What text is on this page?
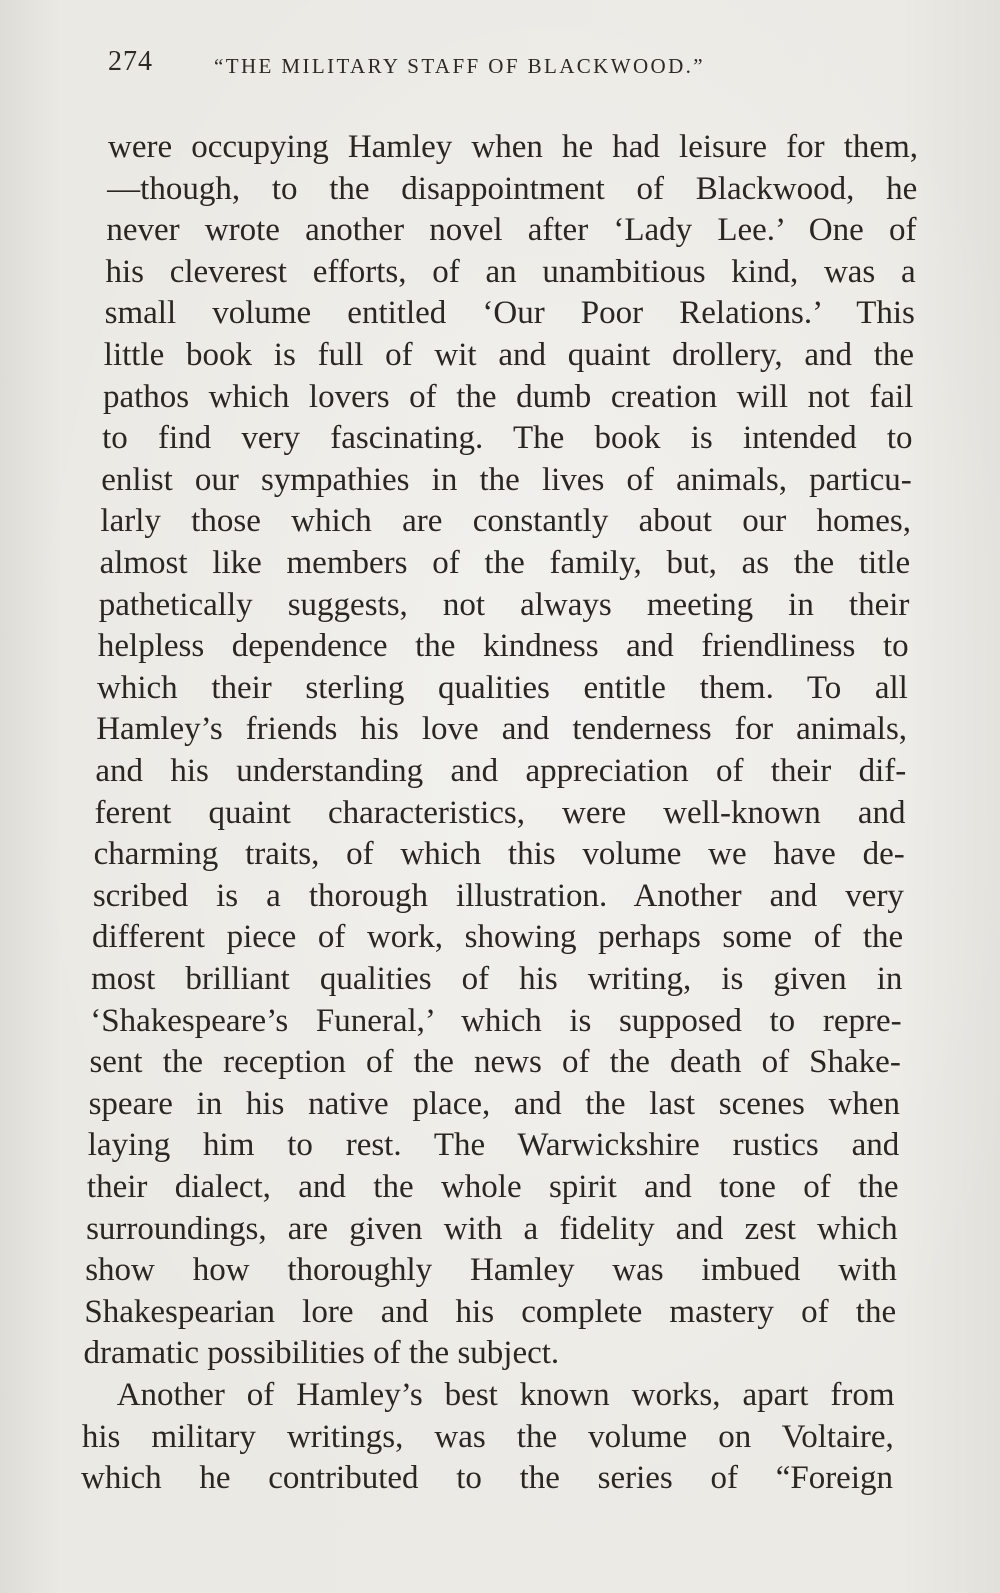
274	“THE MILITARY STAFF OF BLACKWOOD.”
were occupying Hamley when he had leisure for them,
—though, to the disappointment of Blackwood, he
never wrote another novel after ‘Lady Lee.’ One of
his cleverest efforts, of an unambitious kind, was a
small volume entitled ‘Our Poor Relations.’ This
little book is full of wit and quaint drollery, and the
pathos which lovers of the dumb creation will not fail
to find very fascinating. The book is intended to
enlist our sympathies in the lives of animals, particu-
larly those which are constantly about our homes,
almost like members of the family, but, as the title
pathetically suggests, not always meeting in their
helpless dependence the kindness and friendliness to
which their sterling qualities entitle them. To all
Hamley’s friends his love and tenderness for animals,
and his understanding and appreciation of their dif-
ferent quaint characteristics, were well-known and
charming traits, of which this volume we have de-
scribed is a thorough illustration. Another and very
different piece of work, showing perhaps some of the
most brilliant qualities of his writing, is given in
‘Shakespeare’s Funeral,’ which is supposed to repre-
sent the reception of the news of the death of Shake-
speare in his native place, and the last scenes when
laying him to rest. The Warwickshire rustics and
their dialect, and the whole spirit and tone of the
surroundings, are given with a fidelity and zest which
show how thoroughly Hamley was imbued with
Shakespearian lore and his complete mastery of the
dramatic possibilities of the subject.
Another of Hamley’s best known works, apart from
his military writings, was the volume on Voltaire,
which he contributed to the series of “Foreign
